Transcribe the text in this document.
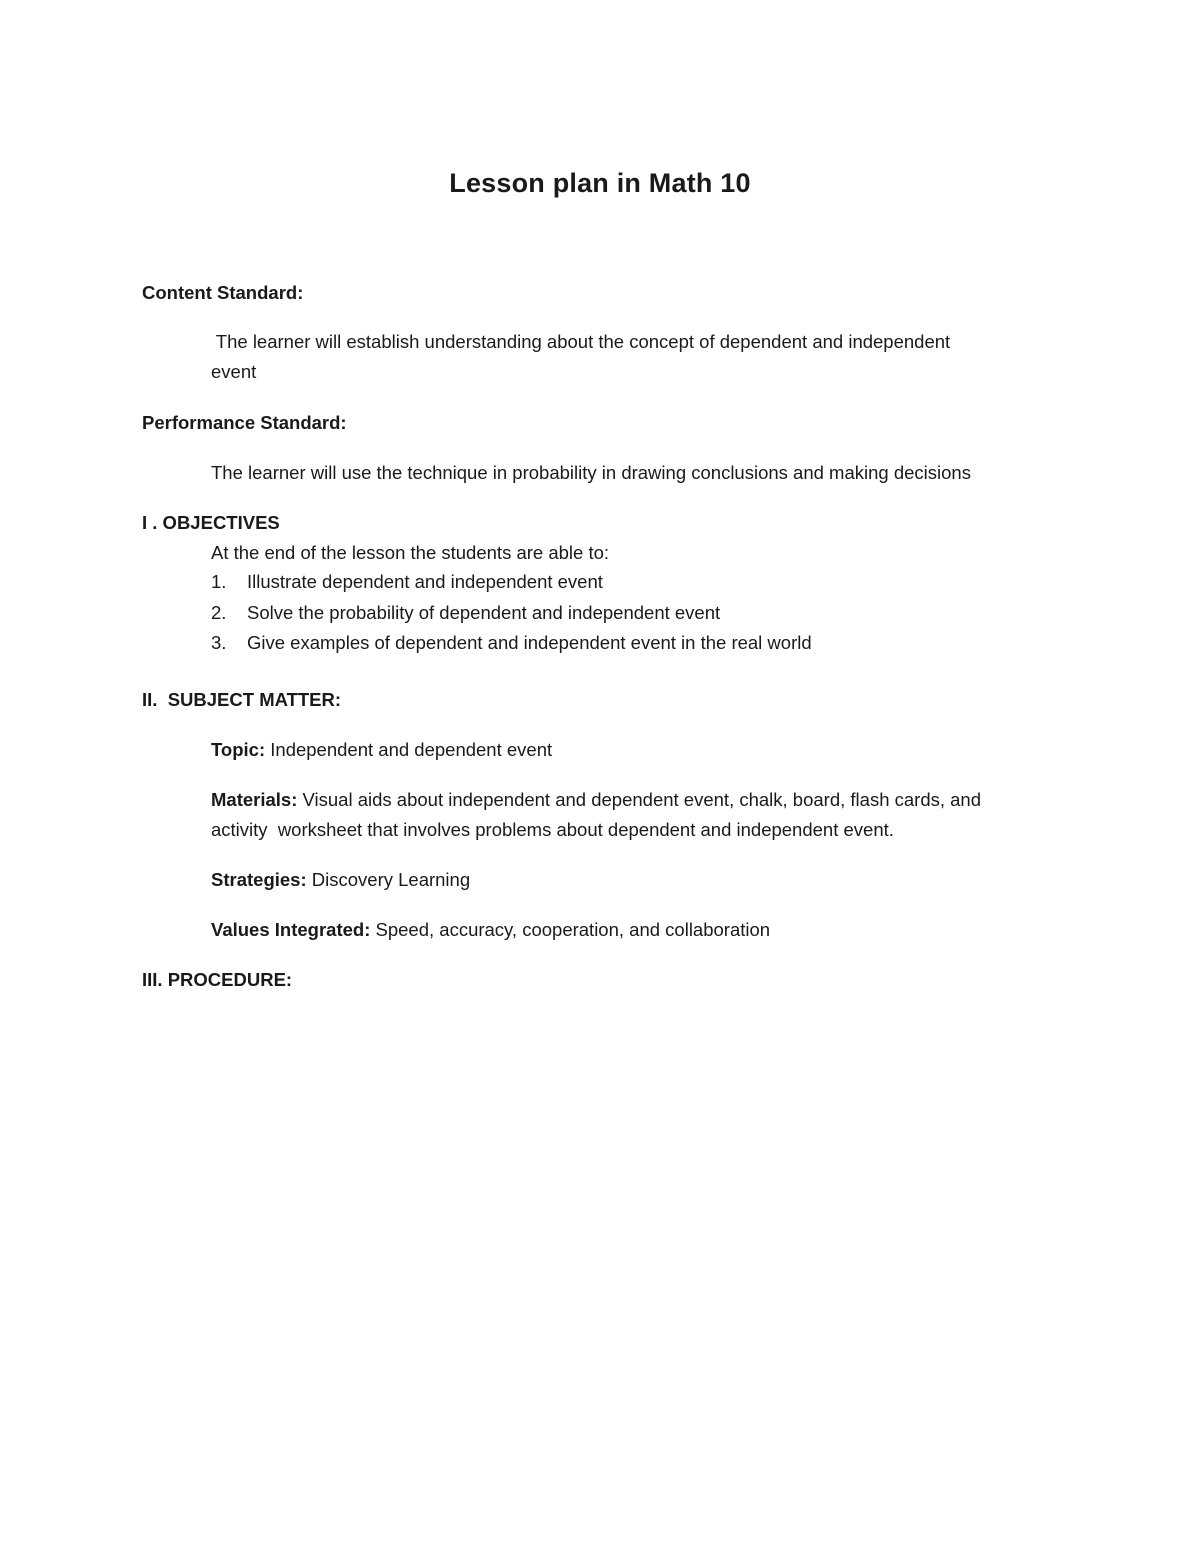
Lesson plan in Math 10
Content Standard:
The learner will establish understanding about the concept of dependent and independent
event
Performance Standard:
The learner will use the technique in probability in drawing conclusions and making decisions
I . OBJECTIVES
At the end of the lesson the students are able to:
1. Illustrate dependent and independent event
2. Solve the probability of dependent and independent event
3. Give examples of dependent and independent event in the real world
II.  SUBJECT MATTER:
Topic: Independent and dependent event
Materials: Visual aids about independent and dependent event, chalk, board, flash cards, and
activity  worksheet that involves problems about dependent and independent event.
Strategies: Discovery Learning
Values Integrated: Speed, accuracy, cooperation, and collaboration
III. PROCEDURE:
